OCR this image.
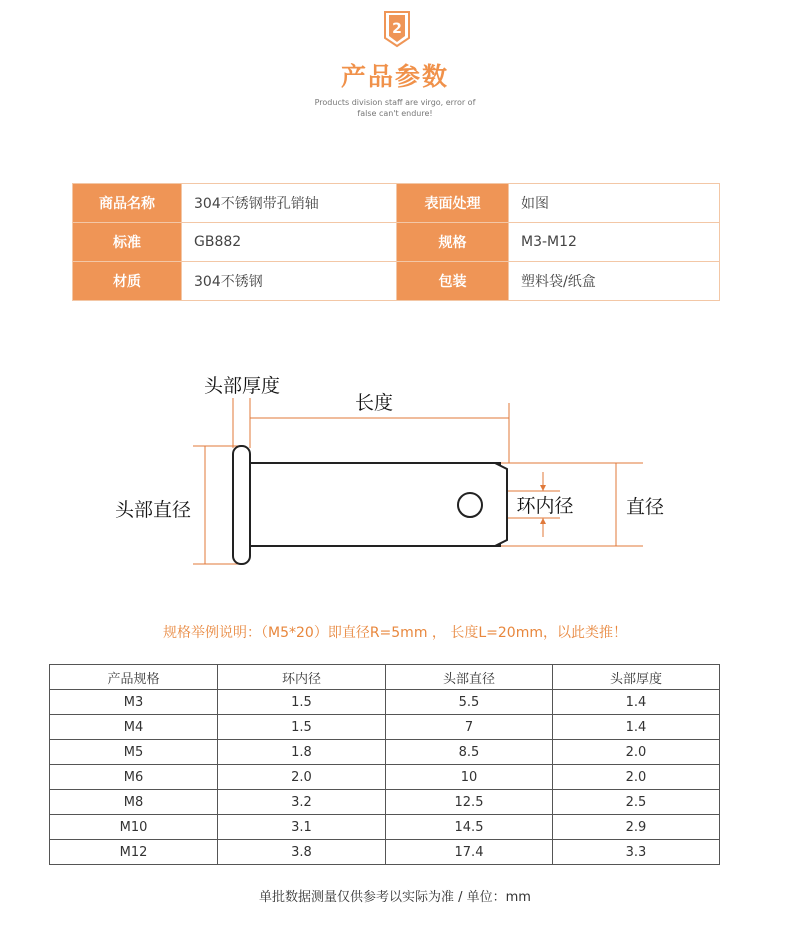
2
产品参数
Products division staff are virgo, error of
false can't endure!
商品名称	304不锈钢带孔销轴	表面处理	如图
标准	GB882	规格	M3-M12
材质	304不锈钢	包装	塑料袋/纸盒
头部厚度
长度
头部直径	环内径	直径
规格举例说明：（M5*20）即直径R=5mm ， 长度L=20mm，以此类推！
产品规格	环内径	头部直径	头部厚度
M3	1.5	5.5	1.4
M4	1.5	7	1.4
M5	1.8	8.5	2.0
M6	2.0	10	2.0
M8	3.2	12.5	2.5
M10	3.1	14.5	2.9
M12	3.8	17.4	3.3
单批数据测量仅供参考以实际为准 / 单位：mm
